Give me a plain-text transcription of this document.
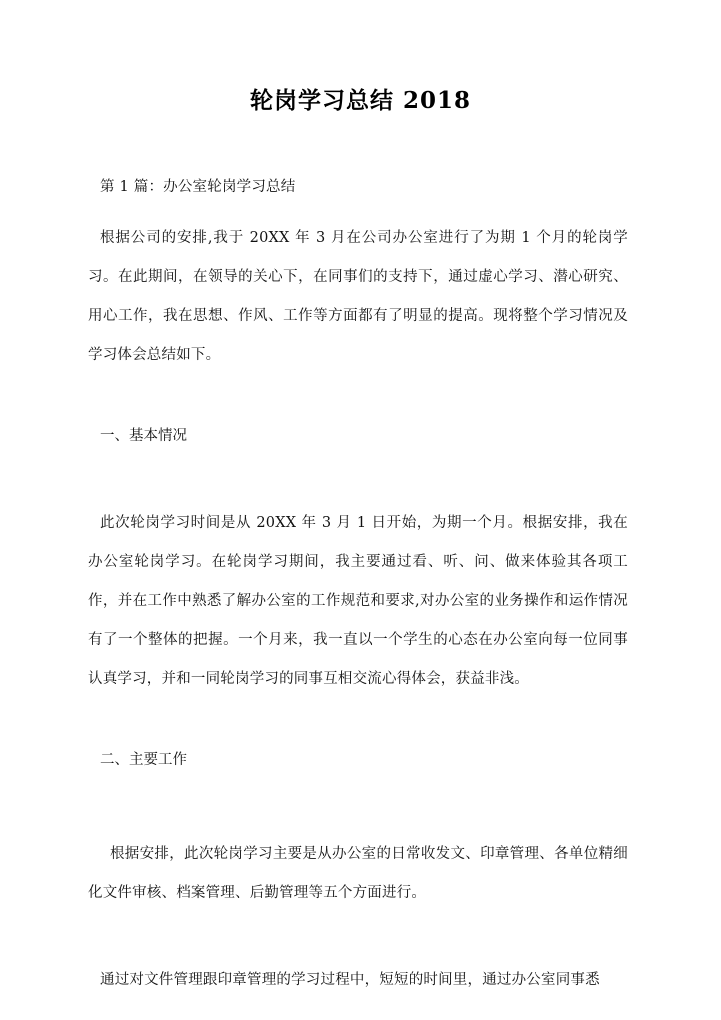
轮岗学习总结 2018

第 1 篇：办公室轮岗学习总结

根据公司的安排,我于 20XX 年 3 月在公司办公室进行了为期 1 个月的轮岗学习。在此期间，在领导的关心下，在同事们的支持下，通过虚心学习、潜心研究、用心工作，我在思想、作风、工作等方面都有了明显的提高。现将整个学习情况及学习体会总结如下。

一、基本情况

此次轮岗学习时间是从 20XX 年 3 月 1 日开始，为期一个月。根据安排，我在办公室轮岗学习。在轮岗学习期间，我主要通过看、听、问、做来体验其各项工作，并在工作中熟悉了解办公室的工作规范和要求,对办公室的业务操作和运作情况有了一个整体的把握。一个月来，我一直以一个学生的心态在办公室向每一位同事认真学习，并和一同轮岗学习的同事互相交流心得体会，获益非浅。

二、主要工作

根据安排，此次轮岗学习主要是从办公室的日常收发文、印章管理、各单位精细化文件审核、档案管理、后勤管理等五个方面进行。

通过对文件管理跟印章管理的学习过程中，短短的时间里，通过办公室同事悉
